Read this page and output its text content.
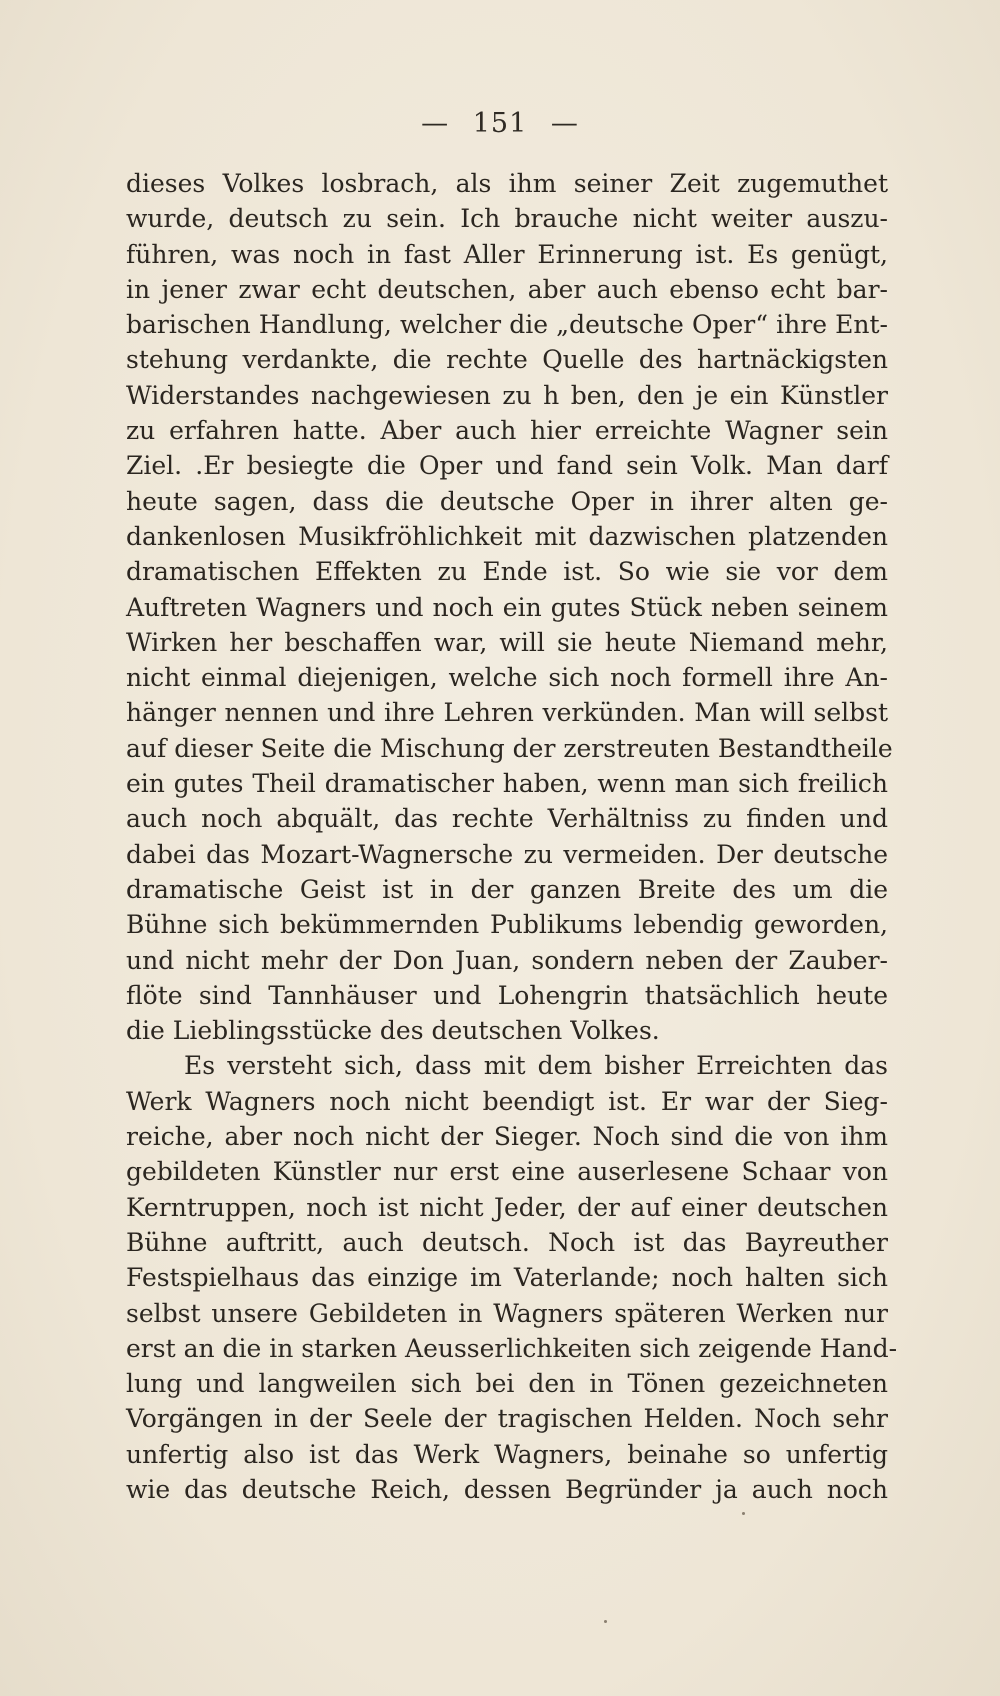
— 151 —
dieses Volkes losbrach, als ihm seiner Zeit zugemuthet
wurde, deutsch zu sein. Ich brauche nicht weiter auszu-
führen, was noch in fast Aller Erinnerung ist. Es genügt,
in jener zwar echt deutschen, aber auch ebenso echt bar-
barischen Handlung, welcher die „deutsche Oper“ ihre Ent-
stehung verdankte, die rechte Quelle des hartnäckigsten
Widerstandes nachgewiesen zu h ben, den je ein Künstler
zu erfahren hatte. Aber auch hier erreichte Wagner sein
Ziel. .Er besiegte die Oper und fand sein Volk. Man darf
heute sagen, dass die deutsche Oper in ihrer alten ge-
dankenlosen Musikfröhlichkeit mit dazwischen platzenden
dramatischen Effekten zu Ende ist. So wie sie vor dem
Auftreten Wagners und noch ein gutes Stück neben seinem
Wirken her beschaffen war, will sie heute Niemand mehr,
nicht einmal diejenigen, welche sich noch formell ihre An-
hänger nennen und ihre Lehren verkünden. Man will selbst
auf dieser Seite die Mischung der zerstreuten Bestandtheile
ein gutes Theil dramatischer haben, wenn man sich freilich
auch noch abquält, das rechte Verhältniss zu finden und
dabei das Mozart-Wagnersche zu vermeiden. Der deutsche
dramatische Geist ist in der ganzen Breite des um die
Bühne sich bekümmernden Publikums lebendig geworden,
und nicht mehr der Don Juan, sondern neben der Zauber-
flöte sind Tannhäuser und Lohengrin thatsächlich heute
die Lieblingsstücke des deutschen Volkes.
Es versteht sich, dass mit dem bisher Erreichten das
Werk Wagners noch nicht beendigt ist. Er war der Sieg-
reiche, aber noch nicht der Sieger. Noch sind die von ihm
gebildeten Künstler nur erst eine auserlesene Schaar von
Kerntruppen, noch ist nicht Jeder, der auf einer deutschen
Bühne auftritt, auch deutsch. Noch ist das Bayreuther
Festspielhaus das einzige im Vaterlande; noch halten sich
selbst unsere Gebildeten in Wagners späteren Werken nur
erst an die in starken Aeusserlichkeiten sich zeigende Hand-
lung und langweilen sich bei den in Tönen gezeichneten
Vorgängen in der Seele der tragischen Helden. Noch sehr
unfertig also ist das Werk Wagners, beinahe so unfertig
wie das deutsche Reich, dessen Begründer ja auch noch
